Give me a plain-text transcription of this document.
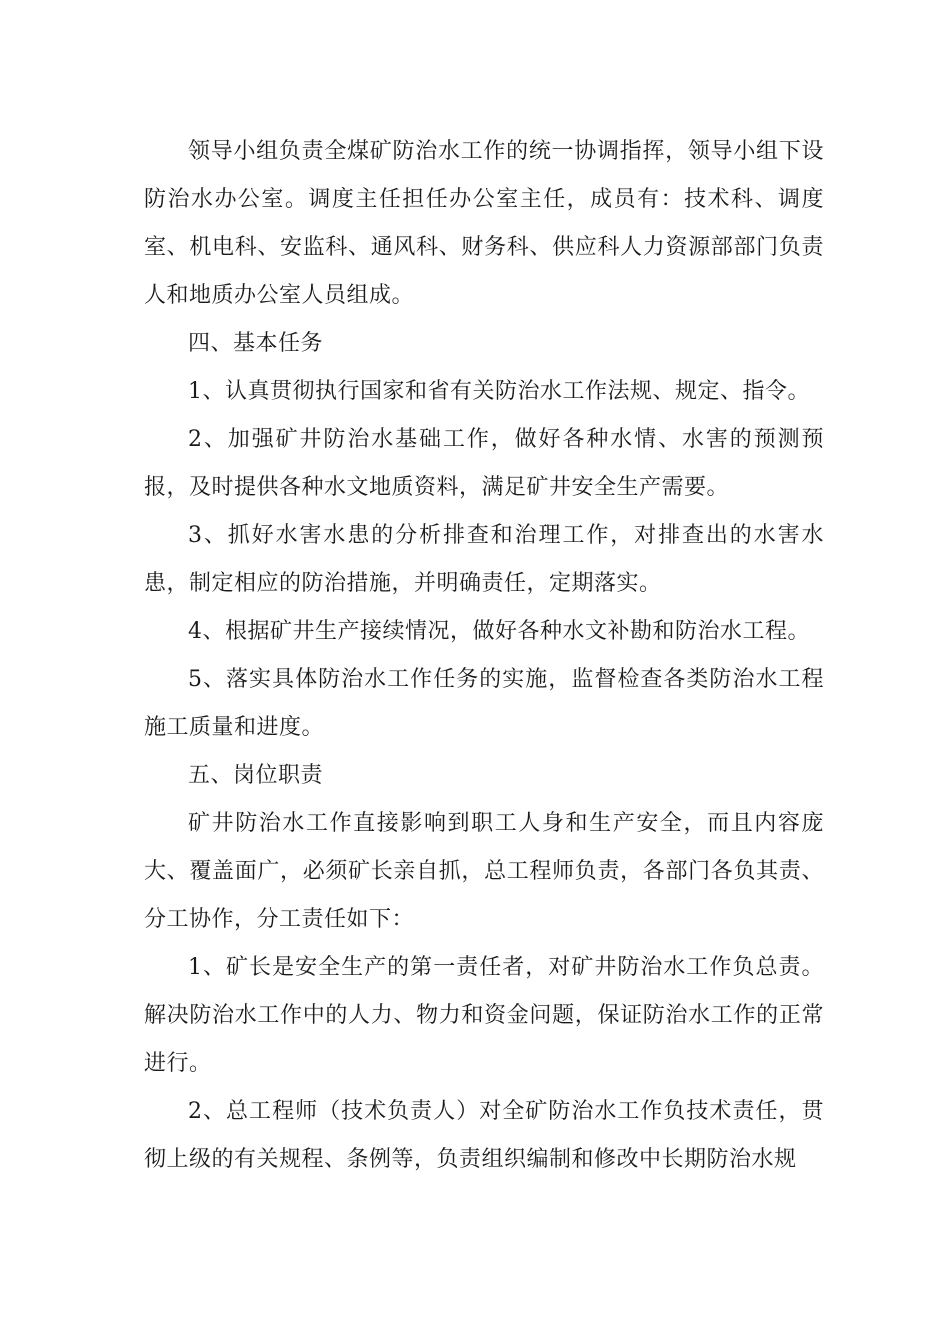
领导小组负责全煤矿防治水工作的统一协调指挥，领导小组下设防治水办公室。调度主任担任办公室主任，成员有：技术科、调度室、机电科、安监科、通风科、财务科、供应科人力资源部部门负责人和地质办公室人员组成。

四、基本任务

1、认真贯彻执行国家和省有关防治水工作法规、规定、指令。

2、加强矿井防治水基础工作，做好各种水情、水害的预测预报，及时提供各种水文地质资料，满足矿井安全生产需要。

3、抓好水害水患的分析排查和治理工作，对排查出的水害水患，制定相应的防治措施，并明确责任，定期落实。

4、根据矿井生产接续情况，做好各种水文补勘和防治水工程。

5、落实具体防治水工作任务的实施，监督检查各类防治水工程施工质量和进度。

五、岗位职责

矿井防治水工作直接影响到职工人身和生产安全，而且内容庞大、覆盖面广，必须矿长亲自抓，总工程师负责，各部门各负其责、分工协作，分工责任如下：

1、矿长是安全生产的第一责任者，对矿井防治水工作负总责。解决防治水工作中的人力、物力和资金问题，保证防治水工作的正常进行。

2、总工程师（技术负责人）对全矿防治水工作负技术责任，贯彻上级的有关规程、条例等，负责组织编制和修改中长期防治水规
